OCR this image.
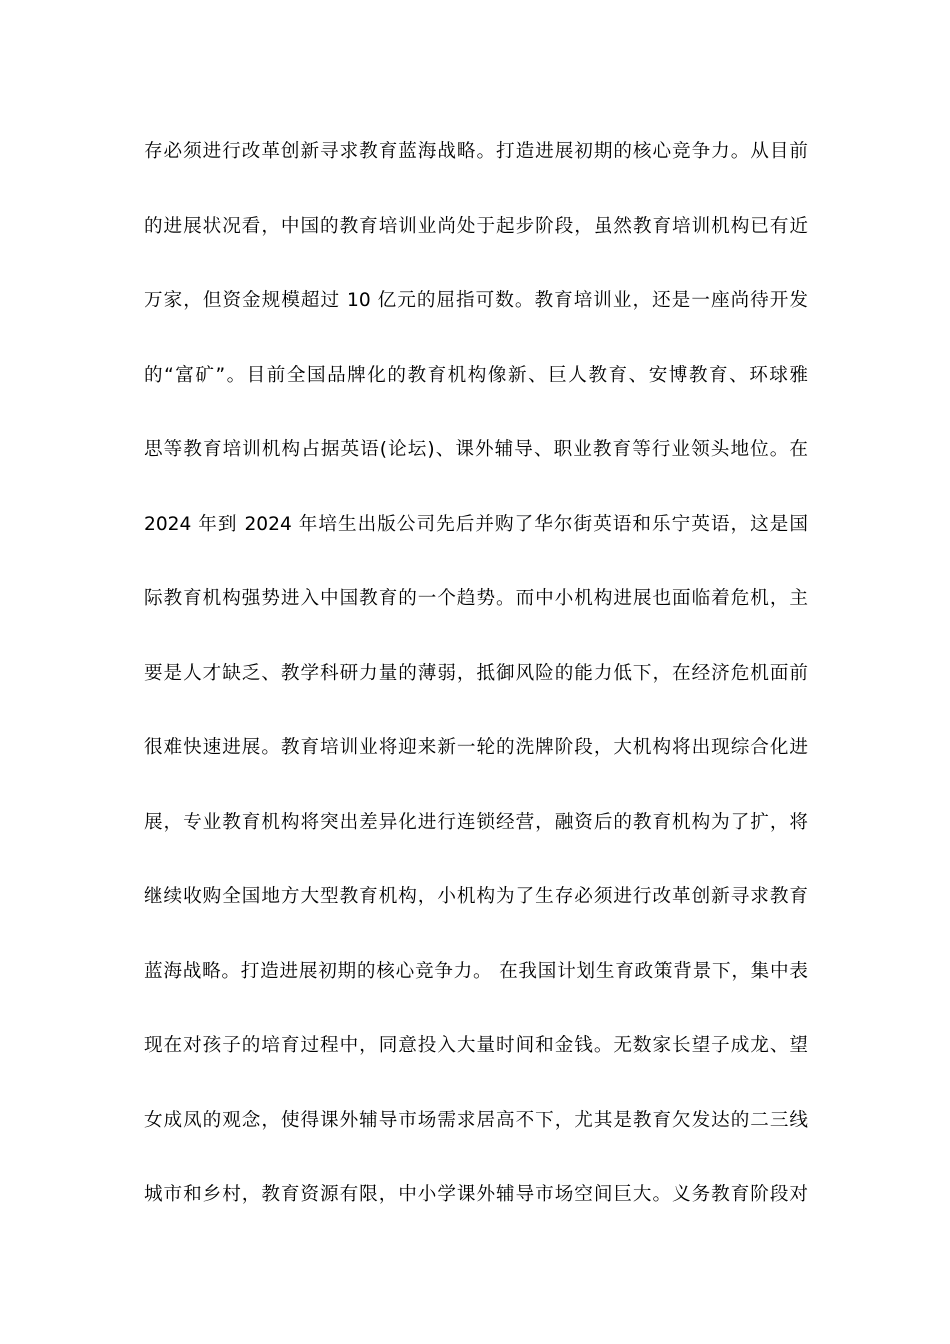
存必须进行改革创新寻求教育蓝海战略。打造进展初期的核心竞争力。从目前
的进展状况看，中国的教育培训业尚处于起步阶段，虽然教育培训机构已有近
万家，但资金规模超过 10 亿元的屈指可数。教育培训业，还是一座尚待开发
的“富矿”。目前全国品牌化的教育机构像新、巨人教育、安博教育、环球雅
思等教育培训机构占据英语(论坛)、课外辅导、职业教育等行业领头地位。在
2024 年到 2024 年培生出版公司先后并购了华尔街英语和乐宁英语，这是国
际教育机构强势进入中国教育的一个趋势。而中小机构进展也面临着危机，主
要是人才缺乏、教学科研力量的薄弱，抵御风险的能力低下，在经济危机面前
很难快速进展。教育培训业将迎来新一轮的洗牌阶段，大机构将出现综合化进
展，专业教育机构将突出差异化进行连锁经营，融资后的教育机构为了扩，将
继续收购全国地方大型教育机构，小机构为了生存必须进行改革创新寻求教育
蓝海战略。打造进展初期的核心竞争力。 在我国计划生育政策背景下，集中表
现在对孩子的培育过程中，同意投入大量时间和金钱。无数家长望子成龙、望
女成凤的观念，使得课外辅导市场需求居高不下，尤其是教育欠发达的二三线
城市和乡村，教育资源有限，中小学课外辅导市场空间巨大。义务教育阶段对
